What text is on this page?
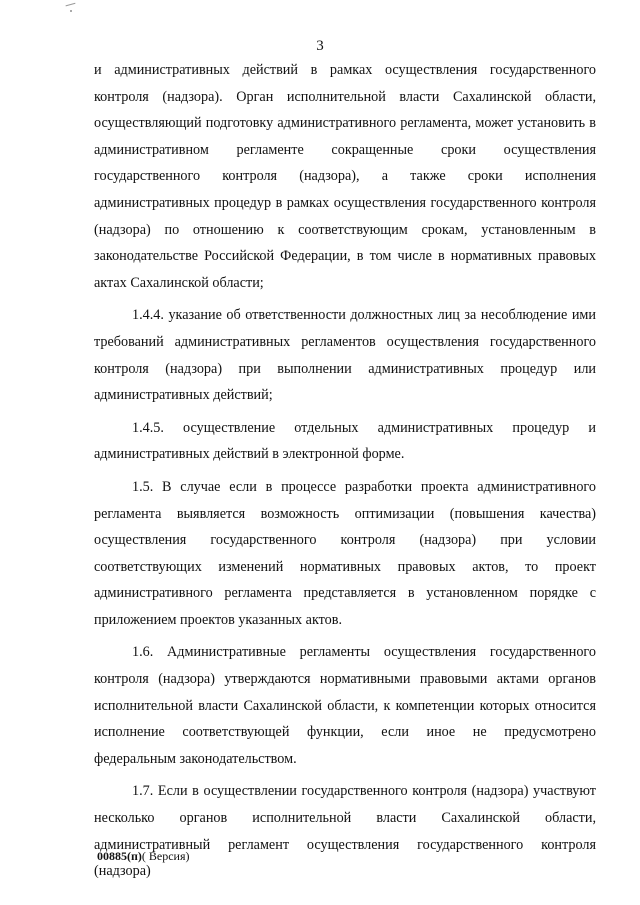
3

и административных действий в рамках осуществления государственного контроля (надзора). Орган исполнительной власти Сахалинской области, осуществляющий подготовку административного регламента, может установить в административном регламенте сокращенные сроки осуществления государственного контроля (надзора), а также сроки исполнения административных процедур в рамках осуществления государственного контроля (надзора) по отношению к соответствующим срокам, установленным в законодательстве Российской Федерации, в том числе в нормативных правовых актах Сахалинской области;

1.4.4. указание об ответственности должностных лиц за несоблюдение ими требований административных регламентов осуществления государственного контроля (надзора) при выполнении административных процедур или административных действий;

1.4.5. осуществление отдельных административных процедур и административных действий в электронной форме.

1.5. В случае если в процессе разработки проекта административного регламента выявляется возможность оптимизации (повышения качества) осуществления государственного контроля (надзора) при условии соответствующих изменений нормативных правовых актов, то проект административного регламента представляется в установленном порядке с приложением проектов указанных актов.

1.6. Административные регламенты осуществления государственного контроля (надзора) утверждаются нормативными правовыми актами органов исполнительной власти Сахалинской области, к компетенции которых относится исполнение соответствующей функции, если иное не предусмотрено федеральным законодательством.

1.7. Если в осуществлении государственного контроля (надзора) участвуют несколько органов исполнительной власти Сахалинской области, административный регламент осуществления государственного контроля (надзора)

00885(п)( Версия)
